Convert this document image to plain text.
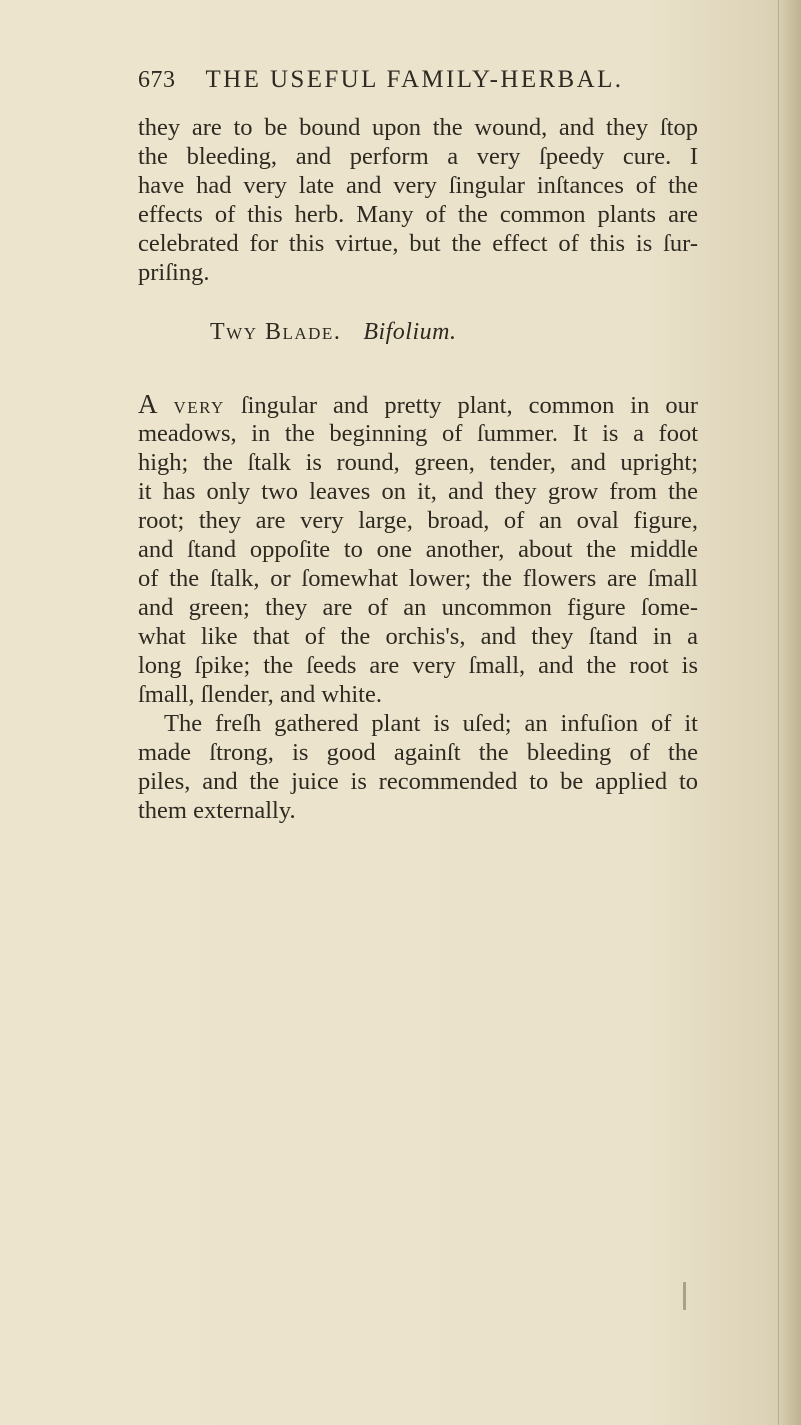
673 THE USEFUL FAMILY-HERBAL.
they are to be bound upon the wound, and they ſtop
the bleeding, and perform a very ſpeedy cure. I
have had very late and very ſingular inſtances of the
effects of this herb. Many of the common plants are
celebrated for this virtue, but the effect of this is ſur-
priſing.
Twy Blade. Bifolium.
A very ſingular and pretty plant, common in our
meadows, in the beginning of ſummer. It is a foot
high; the ſtalk is round, green, tender, and upright;
it has only two leaves on it, and they grow from the
root; they are very large, broad, of an oval figure,
and ſtand oppoſite to one another, about the middle
of the ſtalk, or ſomewhat lower; the flowers are ſmall
and green; they are of an uncommon figure ſome-
what like that of the orchis's, and they ſtand in a
long ſpike; the ſeeds are very ſmall, and the root is
ſmall, ſlender, and white.
The freſh gathered plant is uſed; an infuſion of it
made ſtrong, is good againſt the bleeding of the
piles, and the juice is recommended to be applied to
them externally.
